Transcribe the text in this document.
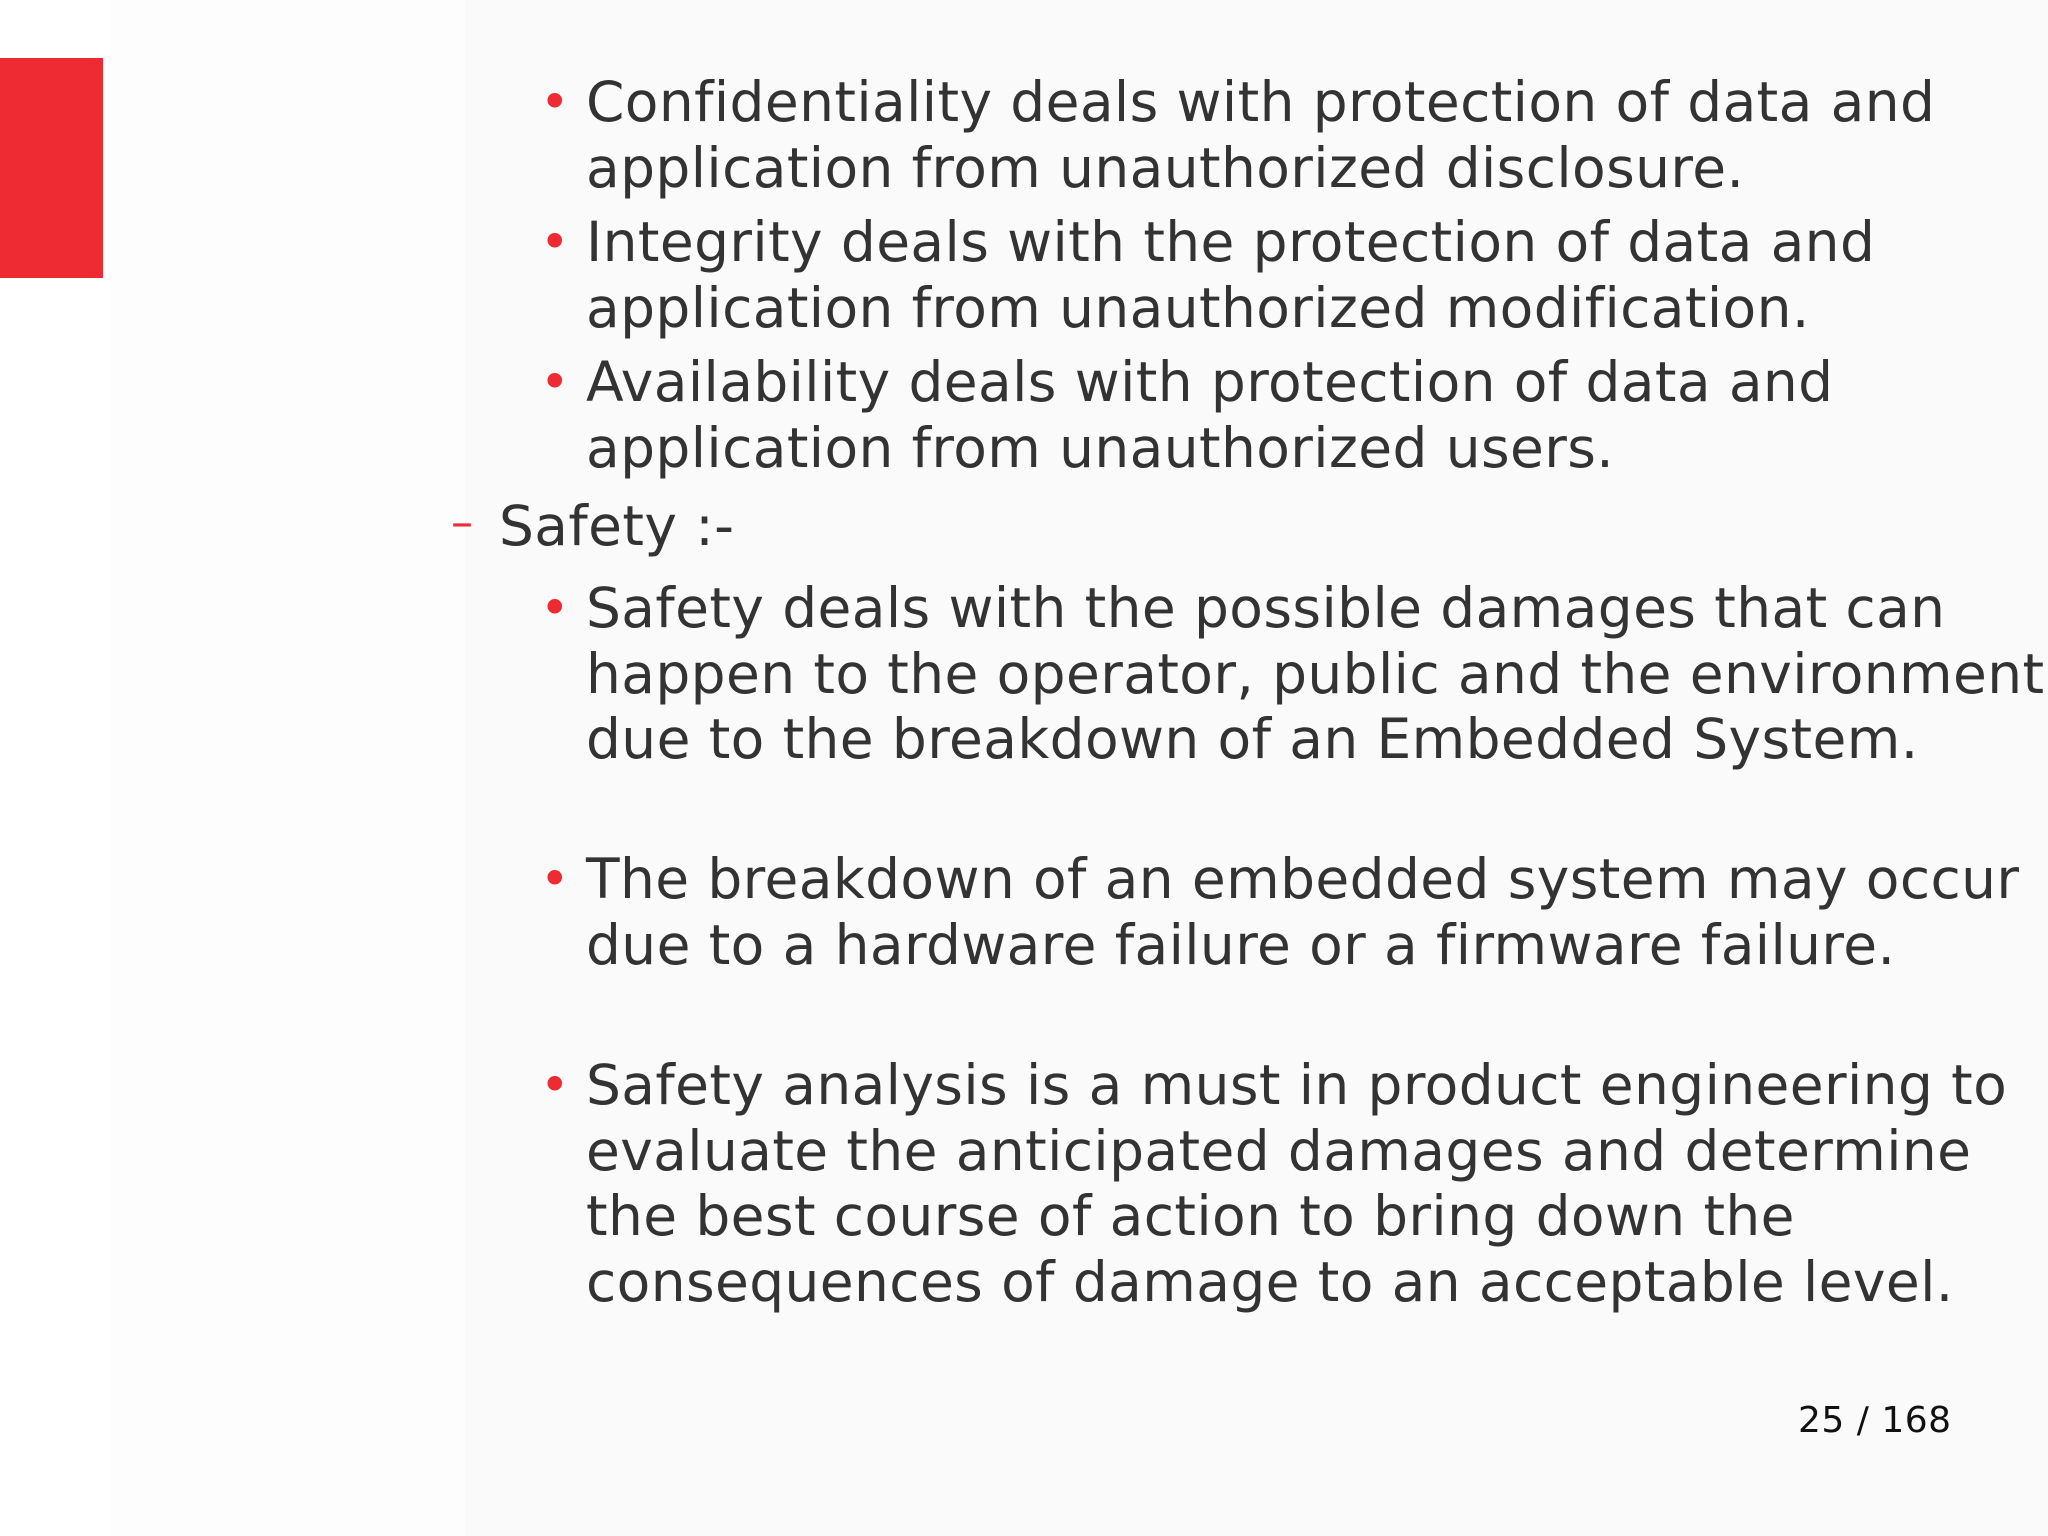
• Confidentiality deals with protection of data and application from unauthorized disclosure.
• Integrity deals with the protection of data and application from unauthorized modification.
• Availability deals with protection of data and application from unauthorized users.
– Safety :-
• Safety deals with the possible damages that can happen to the operator, public and the environment due to the breakdown of an Embedded System.
• The breakdown of an embedded system may occur due to a hardware failure or a firmware failure.
• Safety analysis is a must in product engineering to evaluate the anticipated damages and determine the best course of action to bring down the consequences of damage to an acceptable level.
25 / 168
